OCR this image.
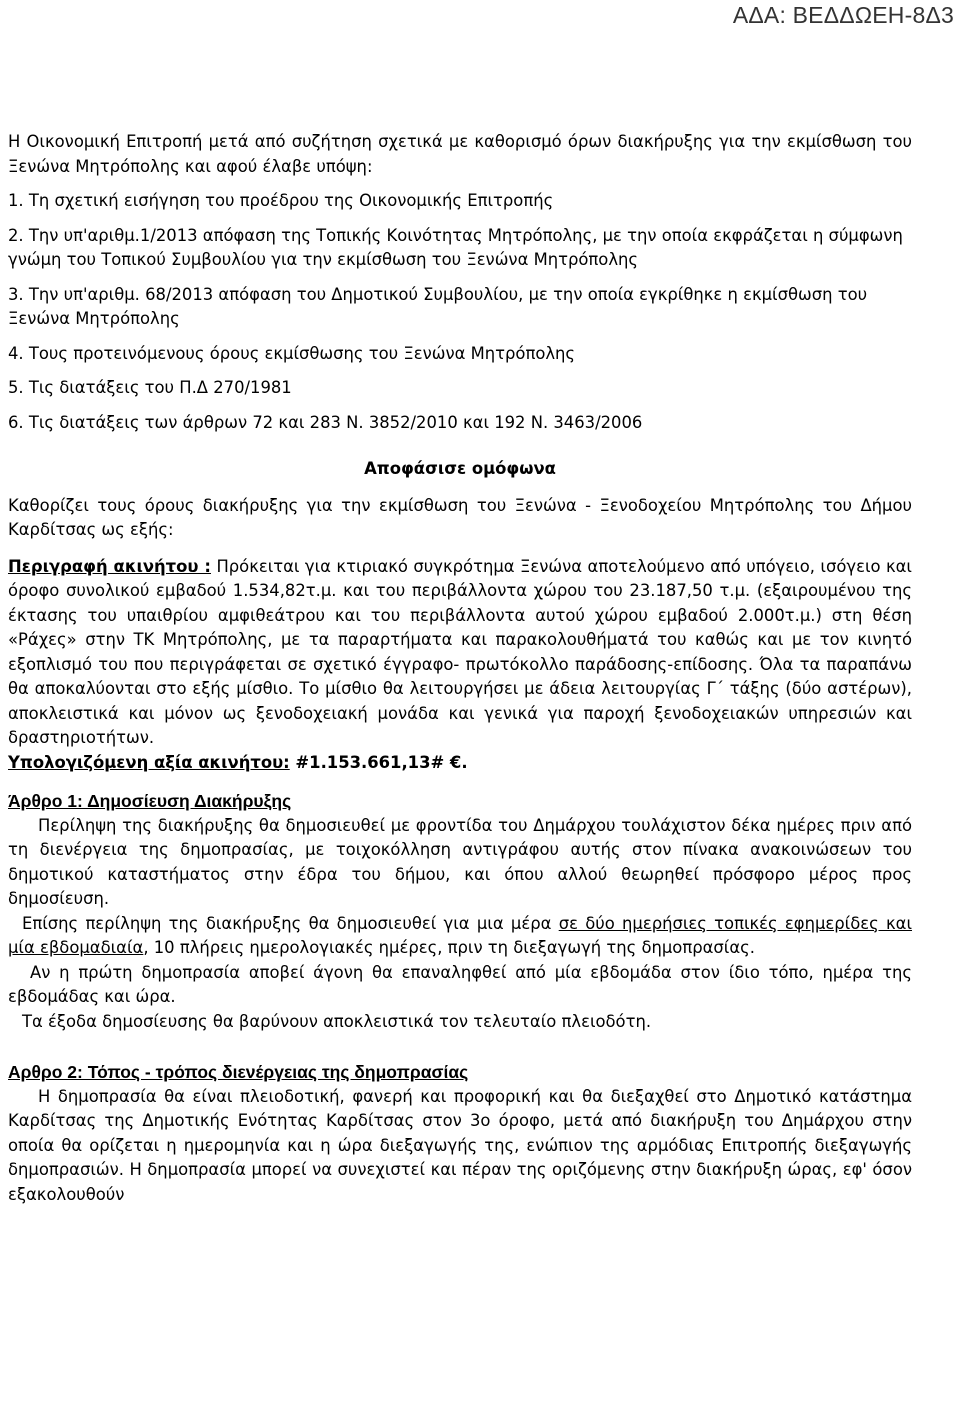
ΑΔΑ: ΒΕΔΔΩΕΗ-8Δ3

Η Οικονομική Επιτροπή μετά από συζήτηση σχετικά με καθορισμό όρων διακήρυξης για την εκμίσθωση του Ξενώνα Μητρόπολης και αφού έλαβε υπόψη:

1. Τη σχετική εισήγηση του προέδρου της Οικονομικής Επιτροπής

2. Την υπ'αριθμ.1/2013 απόφαση της Τοπικής Κοινότητας Μητρόπολης, με την οποία εκφράζεται η σύμφωνη γνώμη του Τοπικού Συμβουλίου για την εκμίσθωση του Ξενώνα Μητρόπολης

3. Την υπ'αριθμ. 68/2013 απόφαση του Δημοτικού Συμβουλίου, με την οποία εγκρίθηκε η εκμίσθωση του Ξενώνα Μητρόπολης

4. Τους προτεινόμενους όρους εκμίσθωσης του Ξενώνα Μητρόπολης

5. Τις διατάξεις του Π.Δ 270/1981

6. Τις διατάξεις των άρθρων 72 και 283 Ν. 3852/2010 και 192 Ν. 3463/2006

Αποφάσισε ομόφωνα

Καθορίζει τους όρους διακήρυξης για την εκμίσθωση του Ξενώνα - Ξενοδοχείου Μητρόπολης του Δήμου Καρδίτσας ως εξής:

Περιγραφή ακινήτου : Πρόκειται για κτιριακό συγκρότημα Ξενώνα αποτελούμενο από υπόγειο, ισόγειο και όροφο συνολικού εμβαδού 1.534,82τ.μ. και του περιβάλλοντα χώρου του 23.187,50 τ.μ. (εξαιρουμένου της έκτασης του υπαιθρίου αμφιθεάτρου και του περιβάλλοντα αυτού χώρου εμβαδού 2.000τ.μ.) στη θέση «Ράχες» στην ΤΚ Μητρόπολης, με τα παραρτήματα και παρακολουθήματά του καθώς και με τον κινητό εξοπλισμό του που περιγράφεται σε σχετικό έγγραφο- πρωτόκολλο παράδοσης-επίδοσης. Όλα τα παραπάνω θα αποκαλύονται στο εξής μίσθιο. Το μίσθιο θα λειτουργήσει με άδεια λειτουργίας Γ΄ τάξης (δύο αστέρων), αποκλειστικά και μόνον ως ξενοδοχειακή μονάδα και γενικά για παροχή ξενοδοχειακών υπηρεσιών και δραστηριοτήτων.

Υπολογιζόμενη αξία ακινήτου: #1.153.661,13# €.

Άρθρο 1: Δημοσίευση Διακήρυξης

Περίληψη της διακήρυξης θα δημοσιευθεί με φροντίδα του Δημάρχου τουλάχιστον δέκα ημέρες πριν από τη διενέργεια της δημοπρασίας, με τοιχοκόλληση αντιγράφου αυτής στον πίνακα ανακοινώσεων του δημοτικού καταστήματος στην έδρα του δήμου, και όπου αλλού θεωρηθεί πρόσφορο μέρος προς δημοσίευση.

Επίσης περίληψη της διακήρυξης θα δημοσιευθεί για μια μέρα σε δύο ημερήσιες τοπικές εφημερίδες και μία εβδομαδιαία, 10 πλήρεις ημερολογιακές ημέρες, πριν τη διεξαγωγή της δημοπρασίας.

Αν η πρώτη δημοπρασία αποβεί άγονη θα επαναληφθεί από μία εβδομάδα στον ίδιο τόπο, ημέρα της εβδομάδας και ώρα.

Τα έξοδα δημοσίευσης θα βαρύνουν αποκλειστικά τον τελευταίο πλειοδότη.

Αρθρο 2: Τόπος - τρόπος διενέργειας της δημοπρασίας

Η δημοπρασία θα είναι πλειοδοτική, φανερή και προφορική και θα διεξαχθεί στο Δημοτικό κατάστημα Καρδίτσας της Δημοτικής Ενότητας Καρδίτσας στον 3ο όροφο, μετά από διακήρυξη του Δημάρχου στην οποία θα ορίζεται η ημερομηνία και η ώρα διεξαγωγής της, ενώπιον της αρμόδιας Επιτροπής διεξαγωγής δημοπρασιών. Η δημοπρασία μπορεί να συνεχιστεί και πέραν της οριζόμενης στην διακήρυξη ώρας, εφ' όσον εξακολουθούν
